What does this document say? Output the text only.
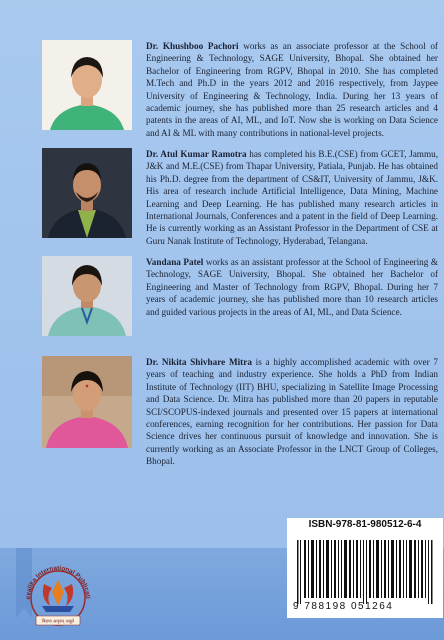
Dr. Khushboo Pachori works as an associate professor at the School of Engineering & Technology, SAGE University, Bhopal. She obtained her Bachelor of Engineering from RGPV, Bhopal in 2010. She has completed M.Tech and Ph.D in the years 2012 and 2016 respectively, from Jaypee University of Engineering & Technology, India. During her 13 years of academic journey, she has published more than 25 research articles and 4 patents in the areas of AI, ML, and IoT. Now she is working on Data Science and AI & ML with many contributions in national-level projects.
Dr. Atul Kumar Ramotra has completed his B.E.(CSE) from GCET, Jammu, J&K and M.E.(CSE) from Thapar University, Patiala, Punjab. He has obtained his Ph.D. degree from the department of CS&IT, University of Jammu, J&K. His area of research include Artificial Intelligence, Data Mining, Machine Learning and Deep Learning. He has published many research articles in International Journals, Conferences and a patent in the field of Deep Learning. He is currently working as an Assistant Professor in the Department of CSE at Guru Nanak Institute of Technology, Hyderabad, Telangana.
Vandana Patel works as an assistant professor at the School of Engineering & Technology, SAGE University, Bhopal. She obtained her Bachelor of Engineering and Master of Technology from RGPV, Bhopal. During her 7 years of academic journey, she has published more than 10 research articles and guided various projects in the areas of AI, ML, and Data Science.
Dr. Nikita Shivhare Mitra is a highly accomplished academic with over 7 years of teaching and industry experience. She holds a PhD from Indian Institute of Technology (IIT) BHU, specializing in Satellite Image Processing and Data Science. Dr. Mitra has published more than 20 papers in reputable SCI/SCOPUS-indexed journals and presented over 15 papers at international conferences, earning recognition for her contributions. Her passion for Data Science drives her continuous pursuit of knowledge and innovation. She is currently working as an Associate Professor in the LNCT Group of Colleges, Bhopal.
evalika International Publicati
विद्यया अमृतम् अश्नुते
ISBN-978-81-980512-6-4
9 788198 051264
